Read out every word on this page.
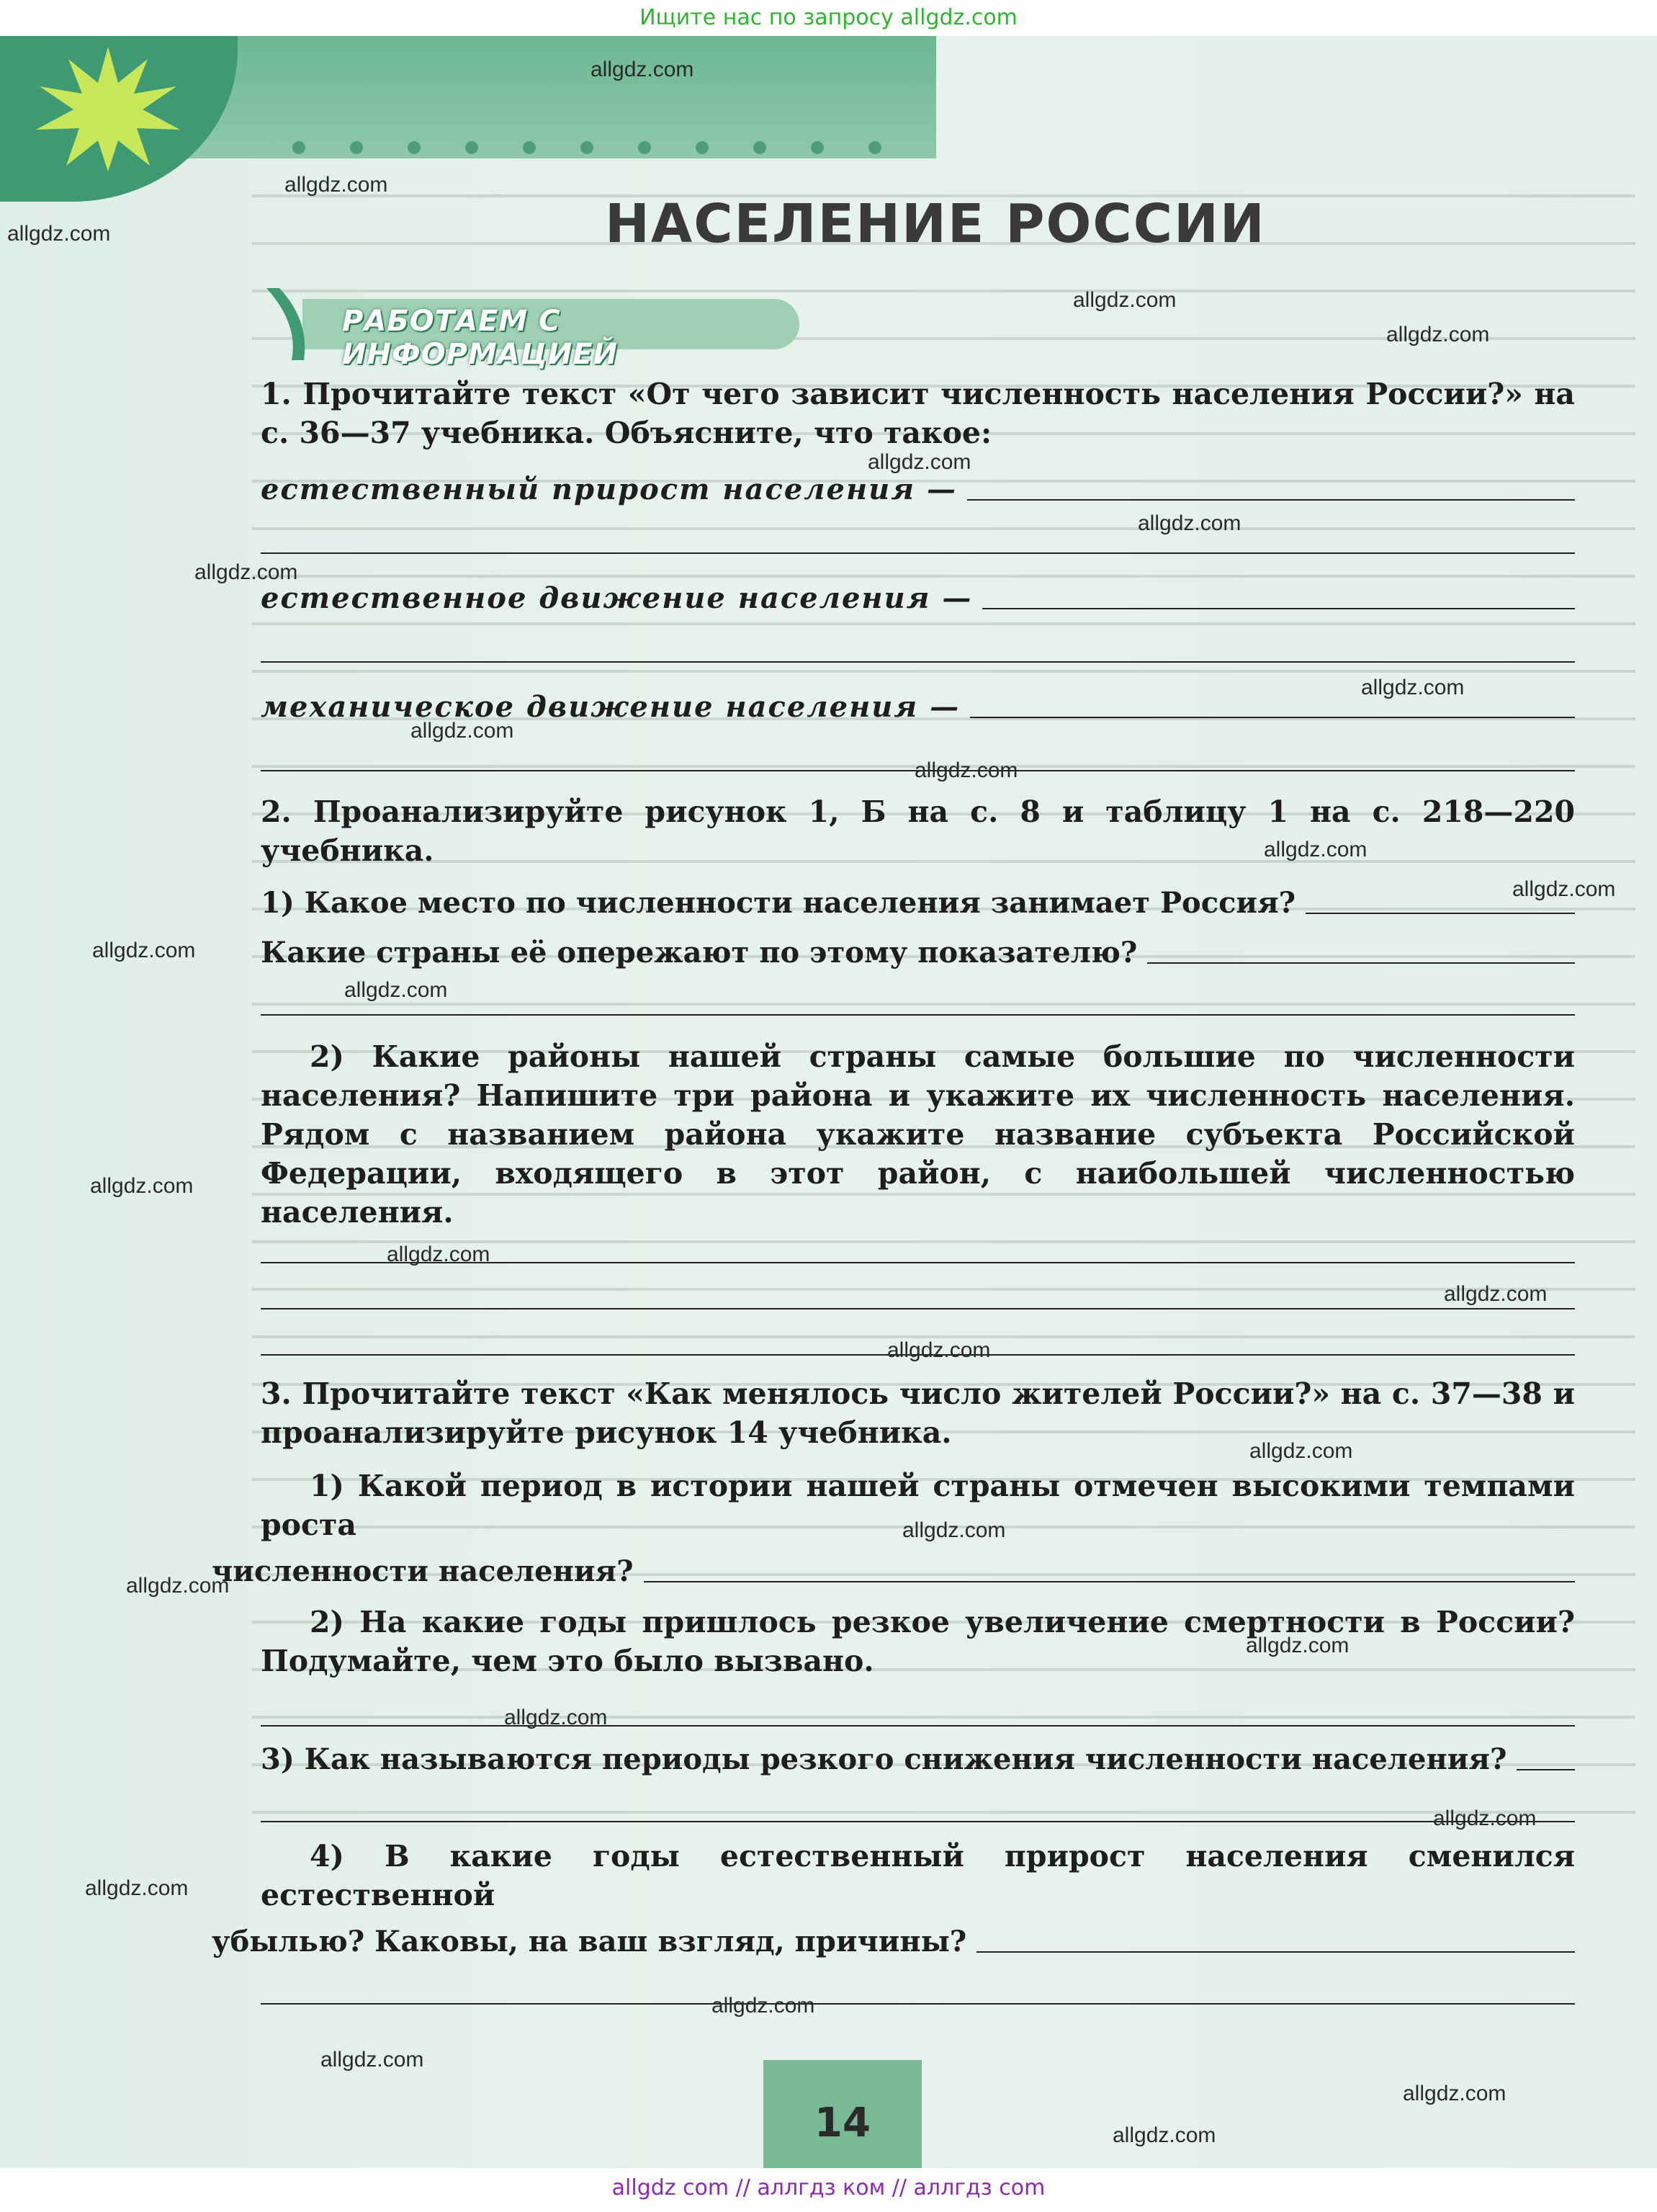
Ищите нас по запросу allgdz.com
НАСЕЛЕНИЕ РОССИИ
РАБОТАЕМ С ИНФОРМАЦИЕЙ

1. Прочитайте текст «От чего зависит численность населения России?» на с. 36—37 учебника. Объясните, что такое:

естественный прирост населения —
естественное движение населения —
механическое движение населения —

2. Проанализируйте рисунок 1, Б на с. 8 и таблицу 1 на с. 218—220 учебника.

1) Какое место по численности населения занимает Россия?
Какие страны её опережают по этому показателю?

2) Какие районы нашей страны самые большие по численности населения? Напишите три района и укажите их численность населения. Рядом с названием района укажите название субъекта Российской Федерации, входящего в этот район, с наибольшей численностью населения.

3. Прочитайте текст «Как менялось число жителей России?» на с. 37—38 и проанализируйте рисунок 14 учебника.

1) Какой период в истории нашей страны отмечен высокими темпами роста

численности населения?

2) На какие годы пришлось резкое увеличение смертности в России? Подумайте, чем это было вызвано.

3) Как называются периоды резкого снижения численности населения?

4) В какие годы естественный прирост населения сменился естественной

убылью? Каковы, на ваш взгляд, причины?
14
allgdz.com
allgdz.com
allgdz.com
allgdz.com
allgdz.com
allgdz.com
allgdz.com
allgdz.com
allgdz.com
allgdz.com
allgdz.com
allgdz.com
allgdz.com
allgdz.com
allgdz.com
allgdz.com
allgdz.com
allgdz.com
allgdz.com
allgdz.com
allgdz.com
allgdz.com
allgdz.com
allgdz.com
allgdz.com
allgdz.com
allgdz.com
allgdz.com
allgdz.com
allgdz.com
allgdz com // аллгдз ком // аллгдз com
